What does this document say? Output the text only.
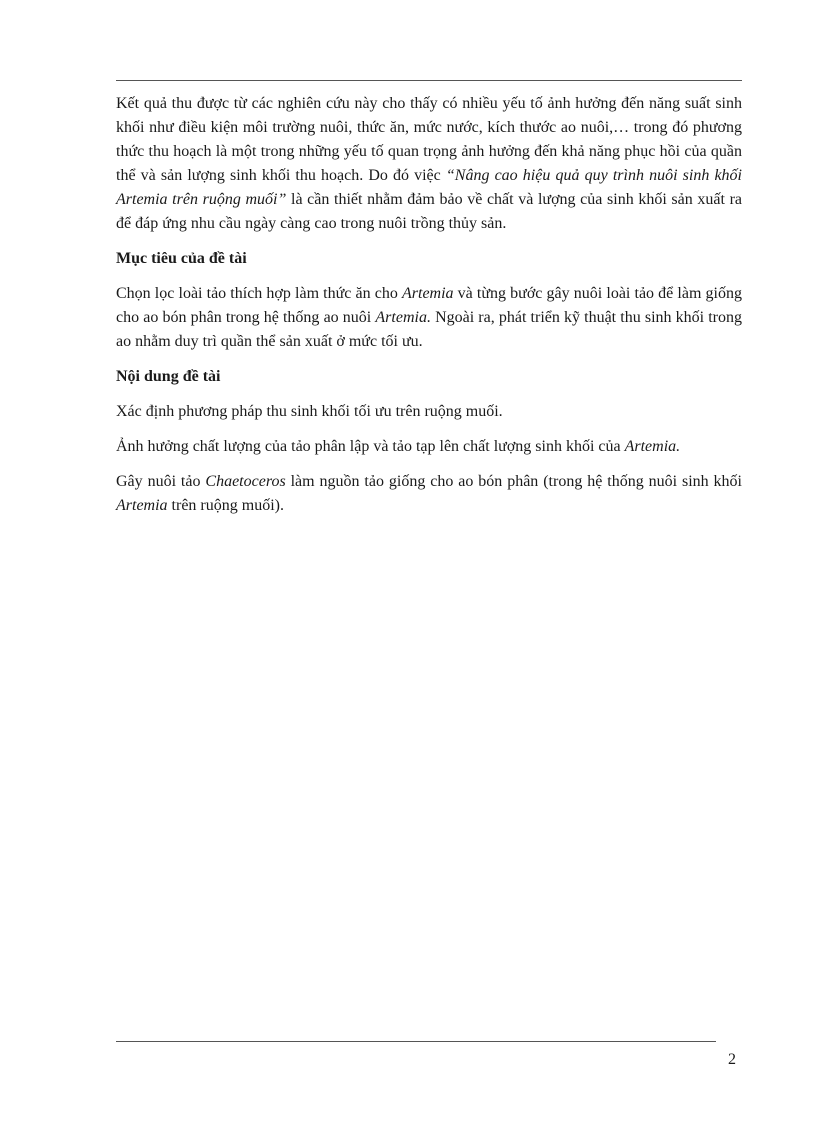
Kết quả thu được từ các nghiên cứu này cho thấy có nhiều yếu tố ảnh hưởng đến năng suất sinh khối như điều kiện môi trường nuôi, thức ăn, mức nước, kích thước ao nuôi,… trong đó phương thức thu hoạch là một trong những yếu tố quan trọng ảnh hưởng đến khả năng phục hồi của quần thể và sản lượng sinh khối thu hoạch. Do đó việc “Nâng cao hiệu quả quy trình nuôi sinh khối Artemia trên ruộng muối” là cần thiết nhằm đảm bảo về chất và lượng của sinh khối sản xuất ra để đáp ứng nhu cầu ngày càng cao trong nuôi trồng thủy sản.

Mục tiêu của đề tài

Chọn lọc loài tảo thích hợp làm thức ăn cho Artemia và từng bước gây nuôi loài tảo để làm giống cho ao bón phân trong hệ thống ao nuôi Artemia. Ngoài ra, phát triển kỹ thuật thu sinh khối trong ao nhằm duy trì quần thể sản xuất ở mức tối ưu.

Nội dung đề tài

Xác định phương pháp thu sinh khối tối ưu trên ruộng muối.

Ảnh hưởng chất lượng của tảo phân lập và tảo tạp lên chất lượng sinh khối của Artemia.

Gây nuôi tảo Chaetoceros làm nguồn tảo giống cho ao bón phân (trong hệ thống nuôi sinh khối Artemia trên ruộng muối).

2
